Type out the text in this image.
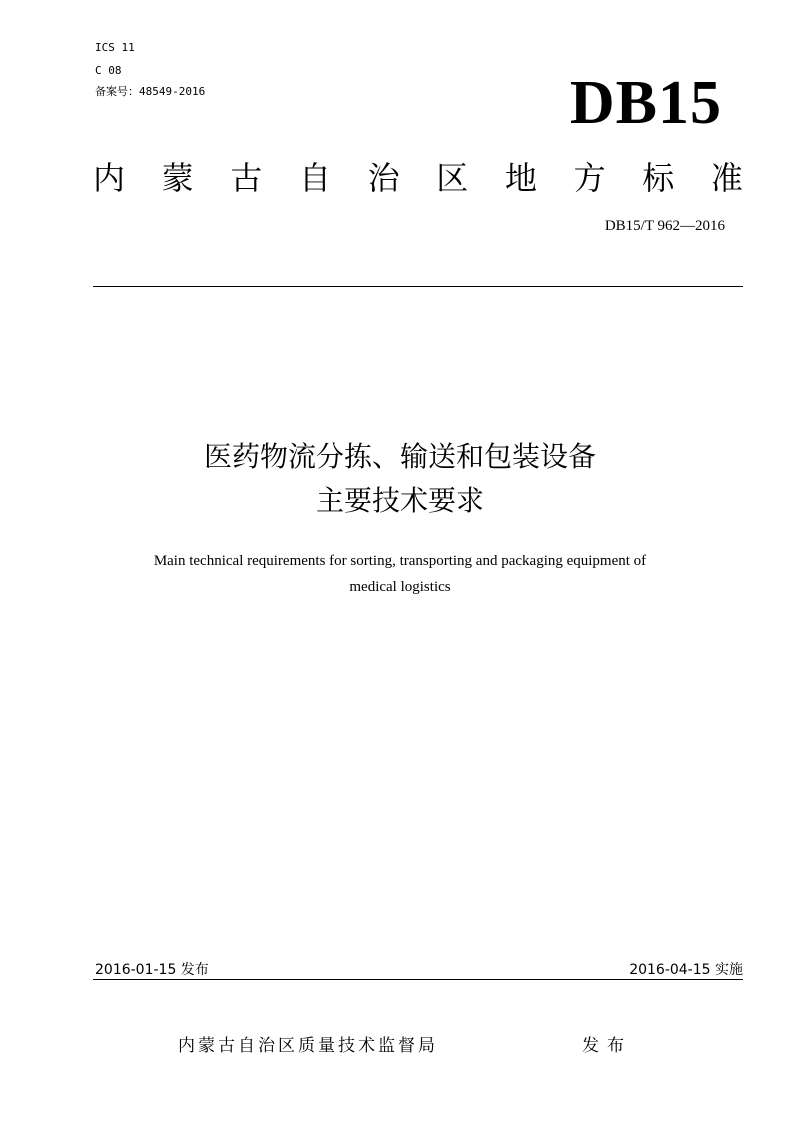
ICS 11
C 08
备案号：48549-2016	DB15
内 蒙 古 自 治 区 地 方 标 准
DB15/T 962—2016
医药物流分拣、输送和包装设备
主要技术要求
Main technical requirements for sorting, transporting and packaging equipment of
medical logistics
2016-01-15 发布	2016-04-15 实施
内蒙古自治区质量技术监督局	发布
